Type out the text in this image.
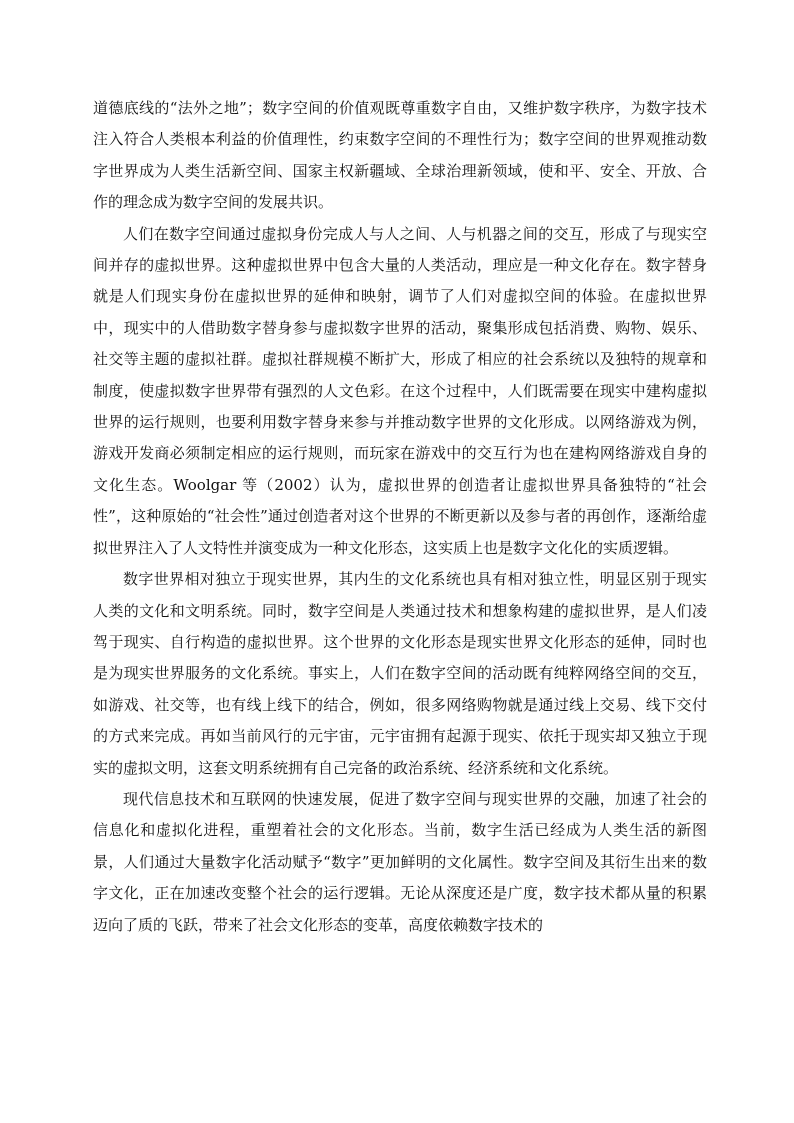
道德底线的“法外之地”；数字空间的价值观既尊重数字自由，又维护数字秩序，为数字技术注入符合人类根本利益的价值理性，约束数字空间的不理性行为；数字空间的世界观推动数字世界成为人类生活新空间、国家主权新疆域、全球治理新领域，使和平、安全、开放、合作的理念成为数字空间的发展共识。

人们在数字空间通过虚拟身份完成人与人之间、人与机器之间的交互，形成了与现实空间并存的虚拟世界。这种虚拟世界中包含大量的人类活动，理应是一种文化存在。数字替身就是人们现实身份在虚拟世界的延伸和映射，调节了人们对虚拟空间的体验。在虚拟世界中，现实中的人借助数字替身参与虚拟数字世界的活动，聚集形成包括消费、购物、娱乐、社交等主题的虚拟社群。虚拟社群规模不断扩大，形成了相应的社会系统以及独特的规章和制度，使虚拟数字世界带有强烈的人文色彩。在这个过程中，人们既需要在现实中建构虚拟世界的运行规则，也要利用数字替身来参与并推动数字世界的文化形成。以网络游戏为例，游戏开发商必须制定相应的运行规则，而玩家在游戏中的交互行为也在建构网络游戏自身的文化生态。Woolgar 等（2002）认为，虚拟世界的创造者让虚拟世界具备独特的“社会性”，这种原始的“社会性”通过创造者对这个世界的不断更新以及参与者的再创作，逐渐给虚拟世界注入了人文特性并演变成为一种文化形态，这实质上也是数字文化化的实质逻辑。

数字世界相对独立于现实世界，其内生的文化系统也具有相对独立性，明显区别于现实人类的文化和文明系统。同时，数字空间是人类通过技术和想象构建的虚拟世界，是人们凌驾于现实、自行构造的虚拟世界。这个世界的文化形态是现实世界文化形态的延伸，同时也是为现实世界服务的文化系统。事实上，人们在数字空间的活动既有纯粹网络空间的交互，如游戏、社交等，也有线上线下的结合，例如，很多网络购物就是通过线上交易、线下交付的方式来完成。再如当前风行的元宇宙，元宇宙拥有起源于现实、依托于现实却又独立于现实的虚拟文明，这套文明系统拥有自己完备的政治系统、经济系统和文化系统。

现代信息技术和互联网的快速发展，促进了数字空间与现实世界的交融，加速了社会的信息化和虚拟化进程，重塑着社会的文化形态。当前，数字生活已经成为人类生活的新图景，人们通过大量数字化活动赋予“数字”更加鲜明的文化属性。数字空间及其衍生出来的数字文化，正在加速改变整个社会的运行逻辑。无论从深度还是广度，数字技术都从量的积累迈向了质的飞跃，带来了社会文化形态的变革，高度依赖数字技术的
